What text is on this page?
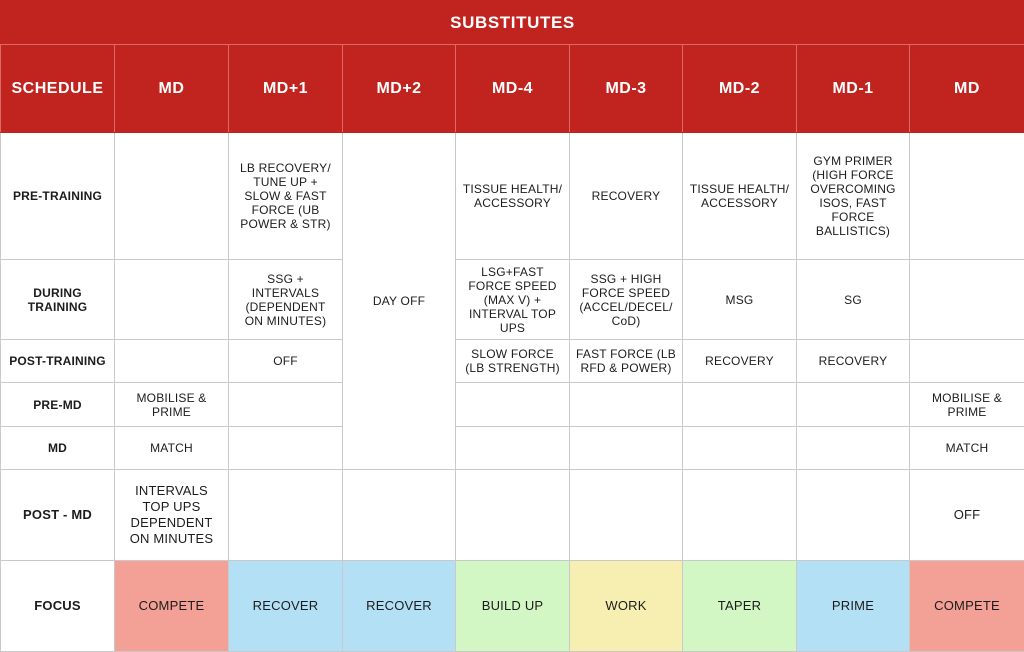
SUBSTITUTES								
SCHEDULE	MD	MD+1	MD+2	MD-4	MD-3	MD-2	MD-1	MD
PRE-TRAINING		LB RECOVERY/ TUNE UP + SLOW & FAST FORCE (UB POWER & STR)	DAY OFF	TISSUE HEALTH/ ACCESSORY	RECOVERY	TISSUE HEALTH/ ACCESSORY	GYM PRIMER (HIGH FORCE OVERCOMING ISOS, FAST FORCE BALLISTICS)	
DURING TRAINING		SSG + INTERVALS (DEPENDENT ON MINUTES)		LSG+FAST FORCE SPEED (MAX V) + INTERVAL TOP UPS	SSG + HIGH FORCE SPEED (ACCEL/DECEL/ CoD)	MSG	SG	
POST-TRAINING		OFF		SLOW FORCE (LB STRENGTH)	FAST FORCE (LB RFD & POWER)	RECOVERY	RECOVERY	
PRE-MD	MOBILISE & PRIME							MOBILISE & PRIME
MD	MATCH							MATCH
POST - MD	INTERVALS TOP UPS DEPENDENT ON MINUTES							OFF
FOCUS	COMPETE	RECOVER	RECOVER	BUILD UP	WORK	TAPER	PRIME	COMPETE
